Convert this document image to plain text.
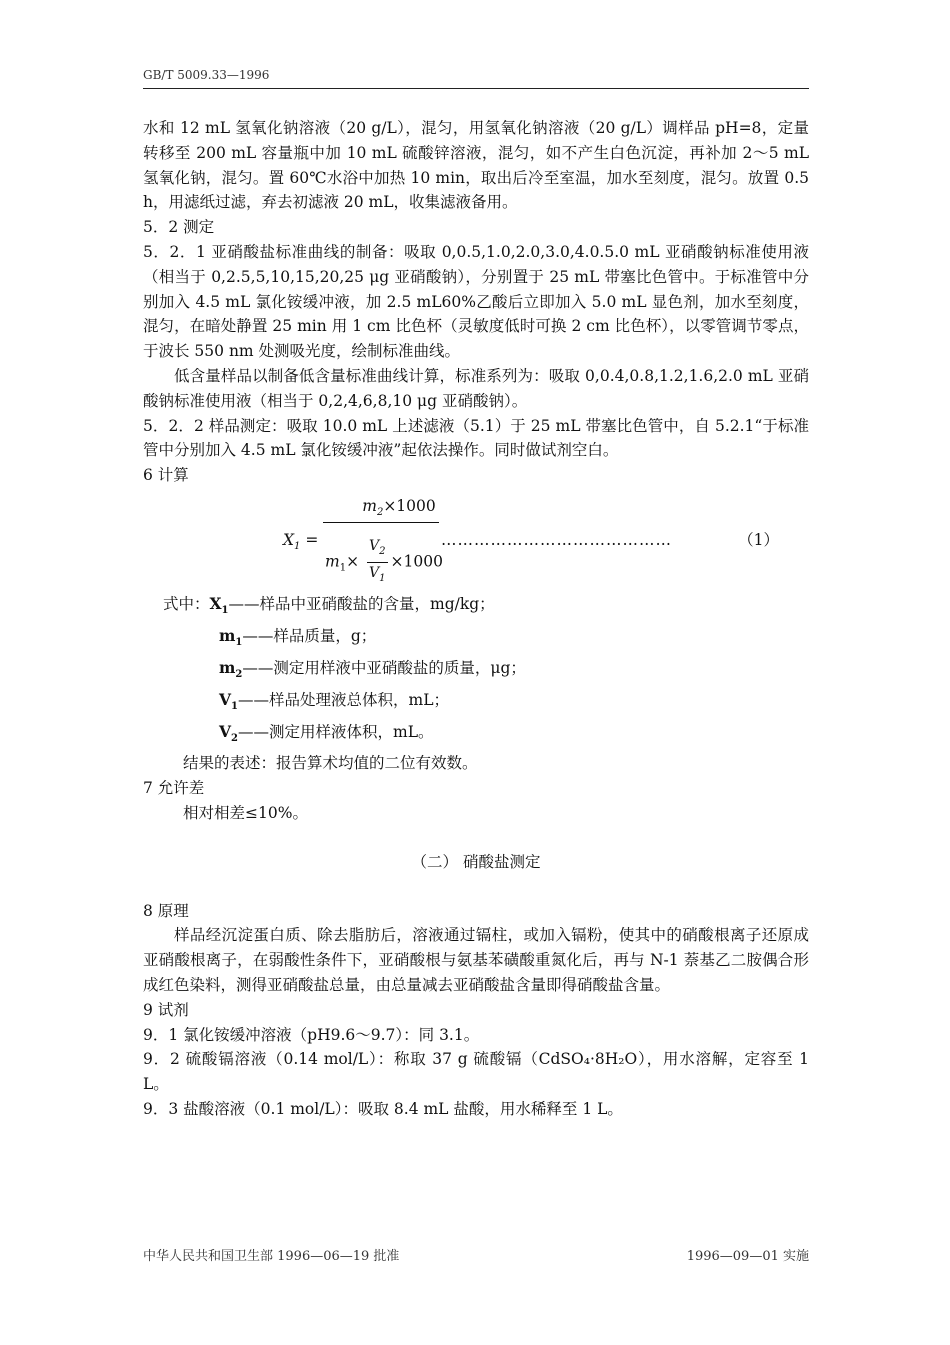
GB/T 5009.33—1996

水和 12 mL 氢氧化钠溶液（20 g/L），混匀，用氢氧化钠溶液（20 g/L）调样品 pH=8，定量转移至 200 mL 容量瓶中加 10 mL 硫酸锌溶液，混匀，如不产生白色沉淀，再补加 2～5 mL 氢氧化钠，混匀。置 60℃水浴中加热 10 min，取出后冷至室温，加水至刻度，混匀。放置 0.5 h，用滤纸过滤，弃去初滤液 20 mL，收集滤液备用。

5．2 测定

5．2．1 亚硝酸盐标准曲线的制备：吸取 0,0.5,1.0,2.0,3.0,4.0.5.0 mL 亚硝酸钠标准使用液（相当于 0,2.5,5,10,15,20,25 μg 亚硝酸钠），分别置于 25 mL 带塞比色管中。于标准管中分别加入 4.5 mL 氯化铵缓冲液，加 2.5 mL60%乙酸后立即加入 5.0 mL 显色剂，加水至刻度，混匀，在暗处静置 25 min 用 1 cm 比色杯（灵敏度低时可换 2 cm 比色杯），以零管调节零点，于波长 550 nm 处测吸光度，绘制标准曲线。

低含量样品以制备低含量标准曲线计算，标准系列为：吸取 0,0.4,0.8,1.2,1.6,2.0 mL 亚硝酸钠标准使用液（相当于 0,2,4,6,8,10 μg 亚硝酸钠）。

5．2．2 样品测定：吸取 10.0 mL 上述滤液（5.1）于 25 mL 带塞比色管中，自 5.2.1“于标准管中分别加入 4.5 mL 氯化铵缓冲液”起依法操作。同时做试剂空白。

6 计算

$X_1$ =
$m_2\times 1000$
$m_1\times \frac{V_2}{V_1} \times 1000$
……………………………………	（1）
式中：$X_1——$样品中亚硝酸盐的含量，mg/kg；
$m_1——$样品质量，g；
$m_2——$测定用样液中亚硝酸盐的质量，μg；
$V_1——$样品处理液总体积，mL；
$V_2——$测定用样液体积，mL。

结果的表述：报告算术均值的二位有效数。

7 允许差

相对相差≤10%。

（二） 硝酸盐测定

8 原理

样品经沉淀蛋白质、除去脂肪后，溶液通过镉柱，或加入镉粉，使其中的硝酸根离子还原成亚硝酸根离子，在弱酸性条件下，亚硝酸根与氨基苯磺酸重氮化后，再与 N-1 萘基乙二胺偶合形成红色染料，测得亚硝酸盐总量，由总量减去亚硝酸盐含量即得硝酸盐含量。

9 试剂

9．1 氯化铵缓冲溶液（pH9.6～9.7）：同 3.1。

9．2 硫酸镉溶液（0.14 mol/L）：称取 37 g 硫酸镉（CdSO₄·8H₂O），用水溶解，定容至 1 L。

9．3 盐酸溶液（0.1 mol/L）：吸取 8.4 mL 盐酸，用水稀释至 1 L。

中华人民共和国卫生部 1996—06—19 批准	1996—09—01 实施
